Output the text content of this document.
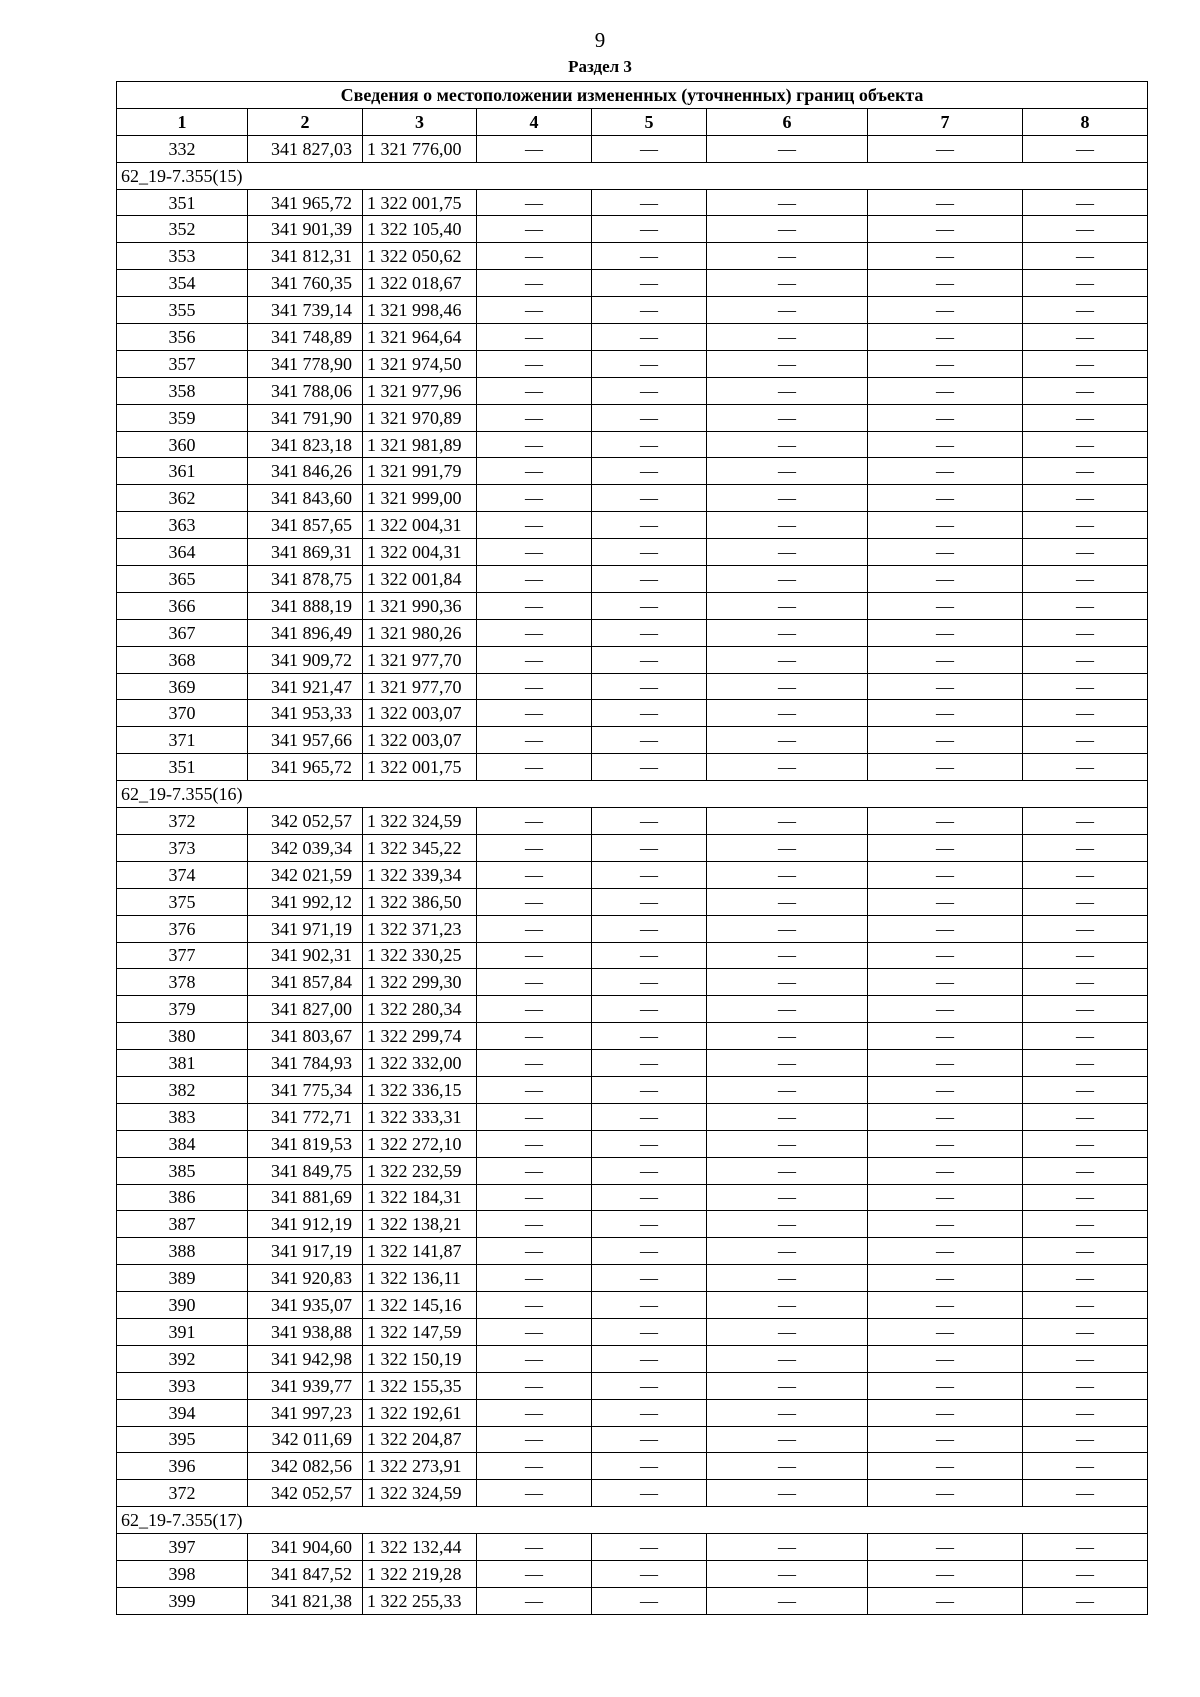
9
Раздел 3
Сведения о местоположении измененных (уточненных) границ объекта							
1	2	3	4	5	6	7	8
332	341 827,03	1 321 776,00	—	—	—	—	—
62_19-7.355(15)							
351	341 965,72	1 322 001,75	—	—	—	—	—
352	341 901,39	1 322 105,40	—	—	—	—	—
353	341 812,31	1 322 050,62	—	—	—	—	—
354	341 760,35	1 322 018,67	—	—	—	—	—
355	341 739,14	1 321 998,46	—	—	—	—	—
356	341 748,89	1 321 964,64	—	—	—	—	—
357	341 778,90	1 321 974,50	—	—	—	—	—
358	341 788,06	1 321 977,96	—	—	—	—	—
359	341 791,90	1 321 970,89	—	—	—	—	—
360	341 823,18	1 321 981,89	—	—	—	—	—
361	341 846,26	1 321 991,79	—	—	—	—	—
362	341 843,60	1 321 999,00	—	—	—	—	—
363	341 857,65	1 322 004,31	—	—	—	—	—
364	341 869,31	1 322 004,31	—	—	—	—	—
365	341 878,75	1 322 001,84	—	—	—	—	—
366	341 888,19	1 321 990,36	—	—	—	—	—
367	341 896,49	1 321 980,26	—	—	—	—	—
368	341 909,72	1 321 977,70	—	—	—	—	—
369	341 921,47	1 321 977,70	—	—	—	—	—
370	341 953,33	1 322 003,07	—	—	—	—	—
371	341 957,66	1 322 003,07	—	—	—	—	—
351	341 965,72	1 322 001,75	—	—	—	—	—
62_19-7.355(16)							
372	342 052,57	1 322 324,59	—	—	—	—	—
373	342 039,34	1 322 345,22	—	—	—	—	—
374	342 021,59	1 322 339,34	—	—	—	—	—
375	341 992,12	1 322 386,50	—	—	—	—	—
376	341 971,19	1 322 371,23	—	—	—	—	—
377	341 902,31	1 322 330,25	—	—	—	—	—
378	341 857,84	1 322 299,30	—	—	—	—	—
379	341 827,00	1 322 280,34	—	—	—	—	—
380	341 803,67	1 322 299,74	—	—	—	—	—
381	341 784,93	1 322 332,00	—	—	—	—	—
382	341 775,34	1 322 336,15	—	—	—	—	—
383	341 772,71	1 322 333,31	—	—	—	—	—
384	341 819,53	1 322 272,10	—	—	—	—	—
385	341 849,75	1 322 232,59	—	—	—	—	—
386	341 881,69	1 322 184,31	—	—	—	—	—
387	341 912,19	1 322 138,21	—	—	—	—	—
388	341 917,19	1 322 141,87	—	—	—	—	—
389	341 920,83	1 322 136,11	—	—	—	—	—
390	341 935,07	1 322 145,16	—	—	—	—	—
391	341 938,88	1 322 147,59	—	—	—	—	—
392	341 942,98	1 322 150,19	—	—	—	—	—
393	341 939,77	1 322 155,35	—	—	—	—	—
394	341 997,23	1 322 192,61	—	—	—	—	—
395	342 011,69	1 322 204,87	—	—	—	—	—
396	342 082,56	1 322 273,91	—	—	—	—	—
372	342 052,57	1 322 324,59	—	—	—	—	—
62_19-7.355(17)							
397	341 904,60	1 322 132,44	—	—	—	—	—
398	341 847,52	1 322 219,28	—	—	—	—	—
399	341 821,38	1 322 255,33	—	—	—	—	—
